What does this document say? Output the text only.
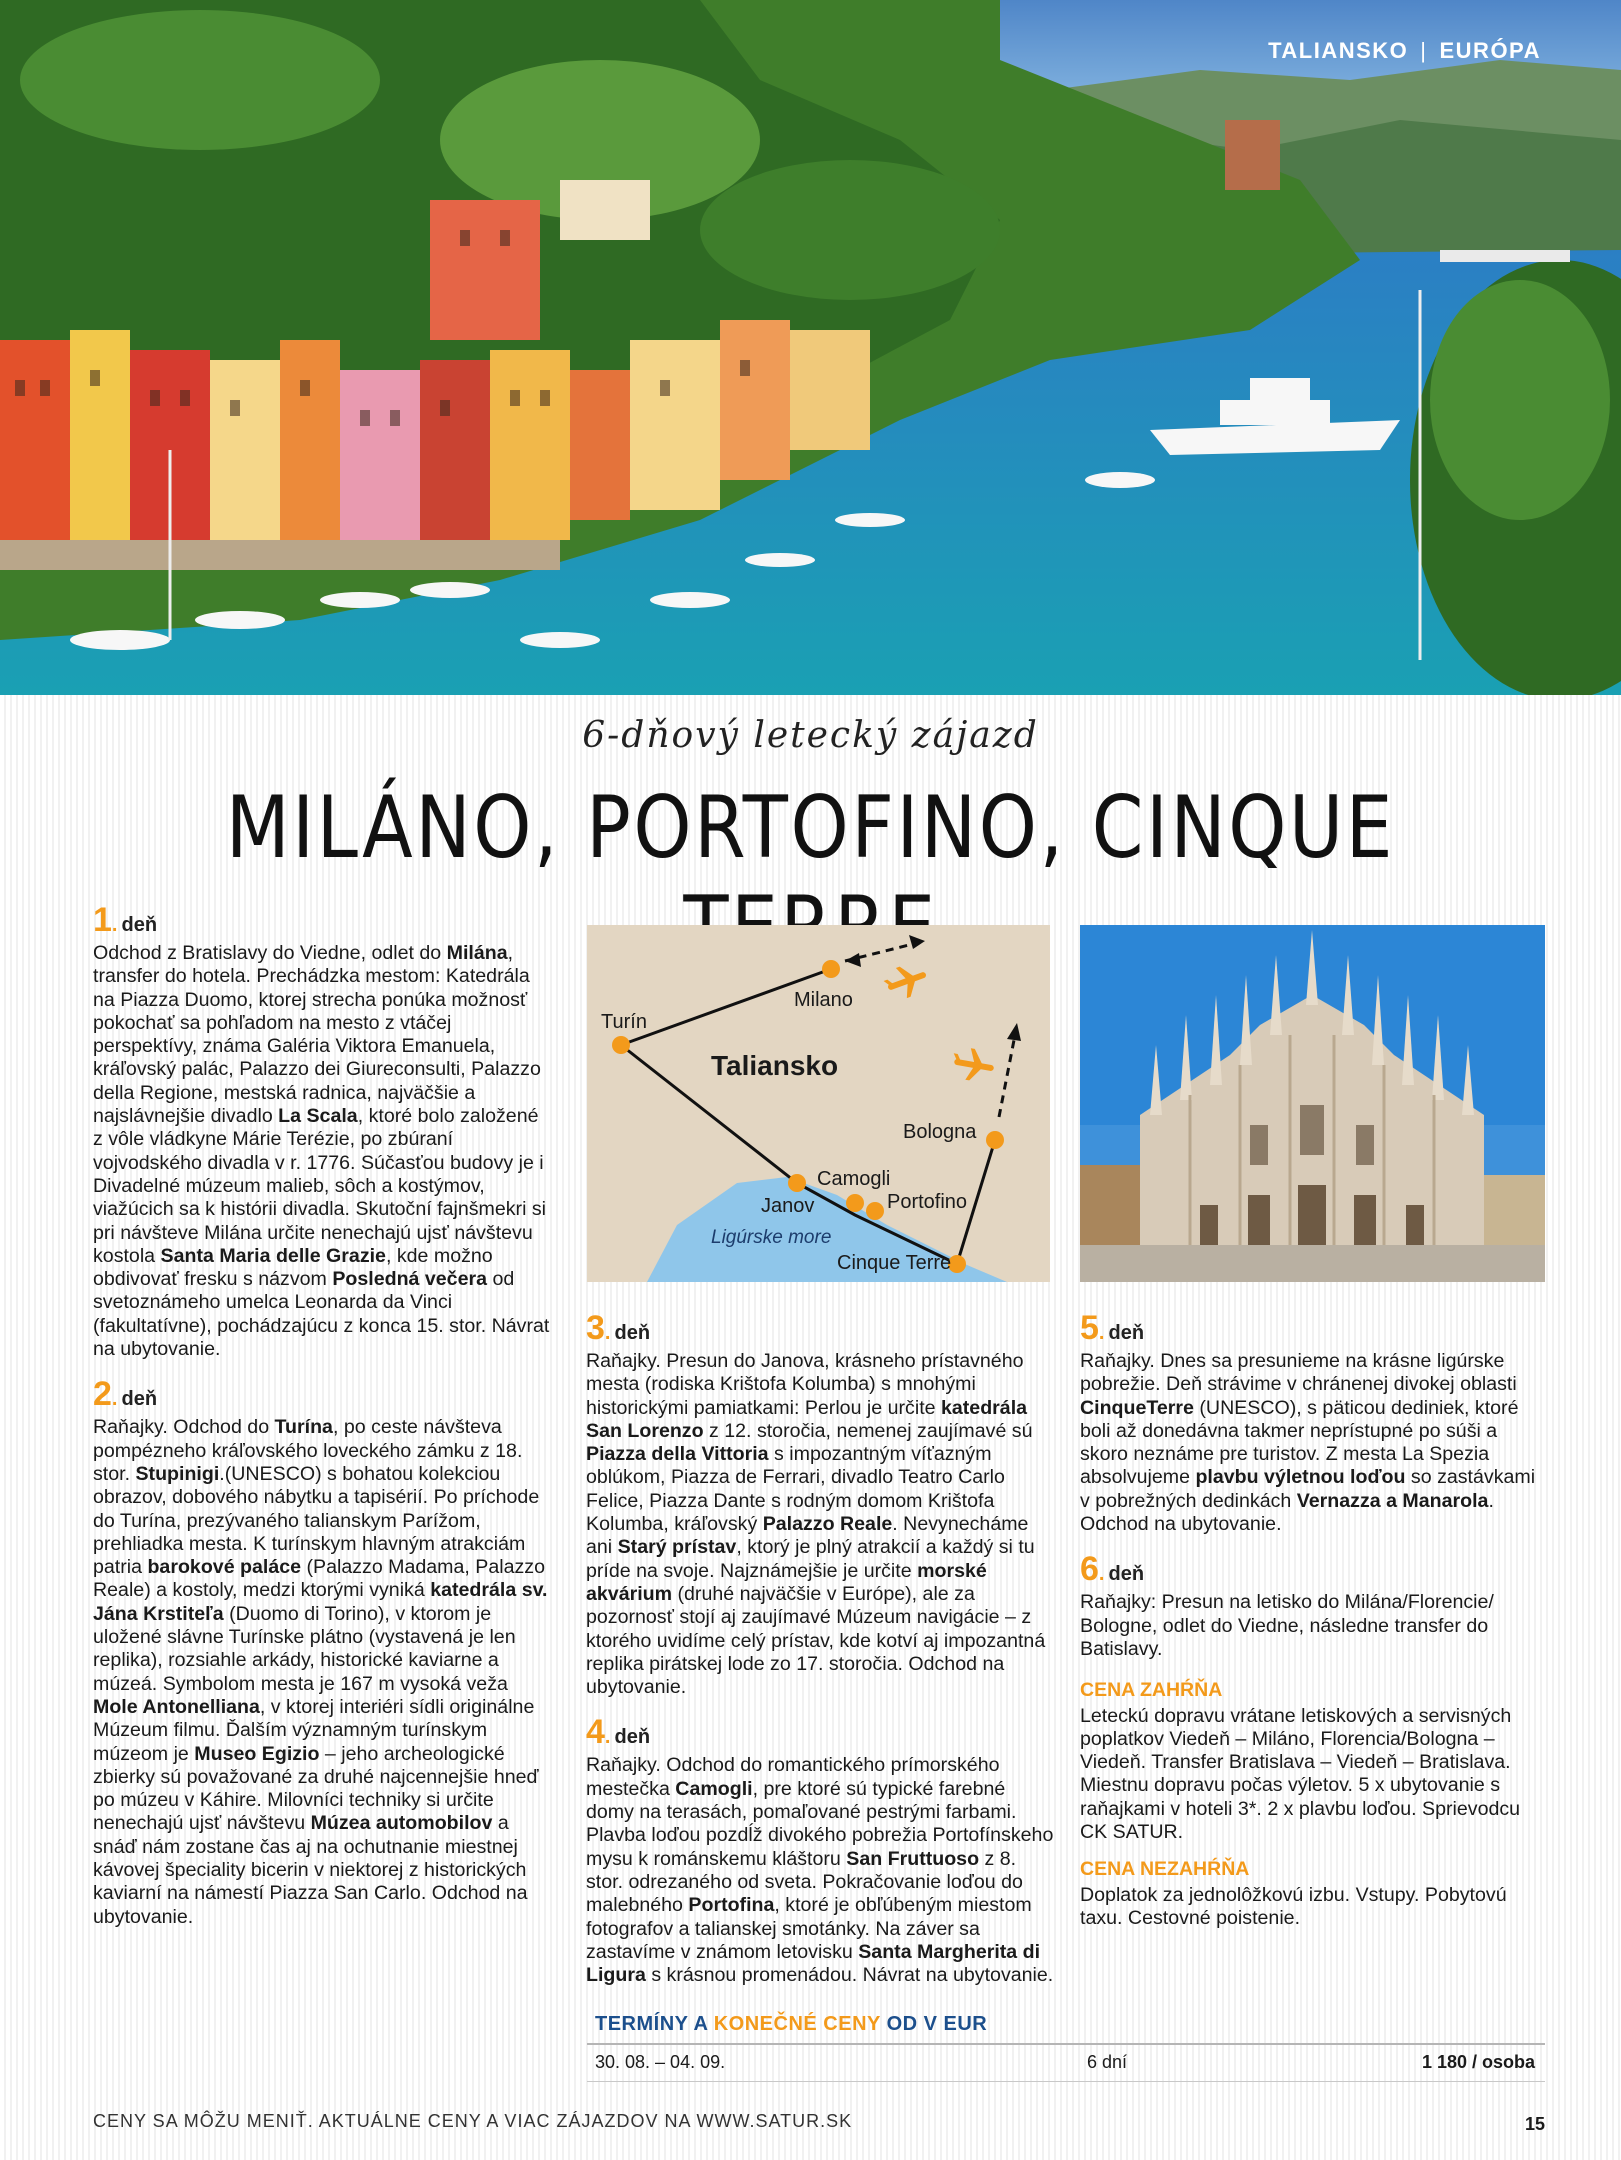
TALIANSKO | EURÓPA
6-dňový letecký zájazd
MILÁNO, PORTOFINO, CINQUE
1 . deň

Odchod z Bratislavy do Viedne, odlet do Milána, transfer do hotela. Prechádzka mestom: Katedrála na Piazza Duomo, ktorej strecha ponúka možnosť pokochať sa pohľadom na mesto z vtáčej perspektívy, známa Galéria Viktora Emanuela, kráľovský palác, Palazzo dei Giureconsulti, Palazzo della Regione, mestská radnica, najväčšie a najslávnejšie divadlo La Scala, ktoré bolo založené z vôle vládkyne Márie Terézie, po zbúraní vojvodského divadla v r. 1776. Súčasťou budovy je i Divadelné múzeum malieb, sôch a kostýmov, viažúcich sa k histórii divadla. Skutoční fajnšmekri si pri návšteve Milána určite nenechajú ujsť návštevu kostola Santa Maria delle Grazie, kde možno obdivovať fresku s názvom Posledná večera od svetoznámeho umelca Leonarda da Vinci (fakultatívne), pochádzajúcu z konca 15. stor. Návrat na ubytovanie.

2 . deň

Raňajky. Odchod do Turína, po ceste návšteva pompézneho kráľovského loveckého zámku z 18. stor. Stupinigi.(UNESCO) s bohatou kolekciou obrazov, dobového nábytku a tapisérií. Po príchode do Turína, prezývaného talianskym Parížom, prehliadka mesta. K turínskym hlavným atrakciám patria barokové paláce (Palazzo Madama, Palazzo Reale) a kostoly, medzi ktorými vyniká katedrála sv. Jána Krstiteľa (Duomo di Torino), v ktorom je uložené slávne Turínske plátno (vystavená je len replika), rozsiahle arkády, historické kaviarne a múzeá. Symbolom mesta je 167 m vysoká veža Mole Antonelliana, v ktorej interiéri sídli originálne Múzeum filmu. Ďalším významným turínskym múzeom je Museo Egizio – jeho archeologické zbierky sú považované za druhé najcennejšie hneď po múzeu v Káhire. Milovníci techniky si určite nenechajú ujsť návštevu Múzea automobilov a snáď nám zostane čas aj na ochutnanie miestnej kávovej špeciality bicerin v niektorej z historických kaviarní na námestí Piazza San Carlo. Odchod na ubytovanie.

Turín
Milano
Bologna
Camogli
Janov	Portofino
Cinque Terre
Taliansko
Ligúrske more
3 . deň

Raňajky. Presun do Janova, krásneho prístavného mesta (rodiska Krištofa Kolumba) s mnohými historickými pamiatkami: Perlou je určite katedrála San Lorenzo z 12. storočia, nemenej zaujímavé sú Piazza della Vittoria s impozantným víťazným oblúkom, Piazza de Ferrari, divadlo Teatro Carlo Felice, Piazza Dante s rodným domom Krištofa Kolumba, kráľovský Palazzo Reale. Nevynecháme ani Starý prístav, ktorý je plný atrakcií a každý si tu príde na svoje. Najznámejšie je určite morské akvárium (druhé najväčšie v Európe), ale za pozornosť stojí aj zaujímavé Múzeum navigácie – z ktorého uvidíme celý prístav, kde kotví aj impozantná replika pirátskej lode zo 17. storočia. Odchod na ubytovanie.

4 . deň

Raňajky. Odchod do romantického prímorského mestečka Camogli, pre ktoré sú typické farebné domy na terasách, pomaľované pestrými farbami. Plavba loďou pozdĺž divokého pobrežia Portofínskeho mysu k románskemu kláštoru San Fruttuoso z 8. stor. odrezaného od sveta. Pokračovanie loďou do malebného Portofina, ktoré je obľúbeným miestom fotografov a talianskej smotánky. Na záver sa zastavíme v známom letovisku Santa Margherita di Ligura s krásnou promenádou. Návrat na ubytovanie.

5 . deň

Raňajky. Dnes sa presunieme na krásne ligúrske pobrežie. Deň strávime v chránenej divokej oblasti CinqueTerre (UNESCO), s päticou dediniek, ktoré boli až donedávna takmer neprístupné po súši a skoro neznáme pre turistov. Z mesta La Spezia absolvujeme plavbu výletnou loďou so zastávkami v pobrežných dedinkách Vernazza a Manarola. Odchod na ubytovanie.

6 . deň

Raňajky: Presun na letisko do Milána/Florencie/ Bologne, odlet do Viedne, následne transfer do Batislavy.

CENA ZAHŔŇA

Leteckú dopravu vrátane letiskových a servisných poplatkov Viedeň – Miláno, Florencia/Bologna – Viedeň. Transfer Bratislava – Viedeň – Bratislava. Miestnu dopravu počas výletov. 5 x ubytovanie s raňajkami v hoteli 3*. 2 x plavbu loďou. Sprievodcu CK SATUR.

CENA NEZAHŔŇA

Doplatok za jednolôžkovú izbu. Vstupy. Pobytovú taxu. Cestovné poistenie.

TERMÍNY A KONEČNÉ CENY OD V EUR
30. 08. – 04. 09.	6 dní	1 180 / osoba
CENY SA MÔŽU MENIŤ. AKTUÁLNE CENY A VIAC ZÁJAZDOV NA WWW.SATUR.SK	15
